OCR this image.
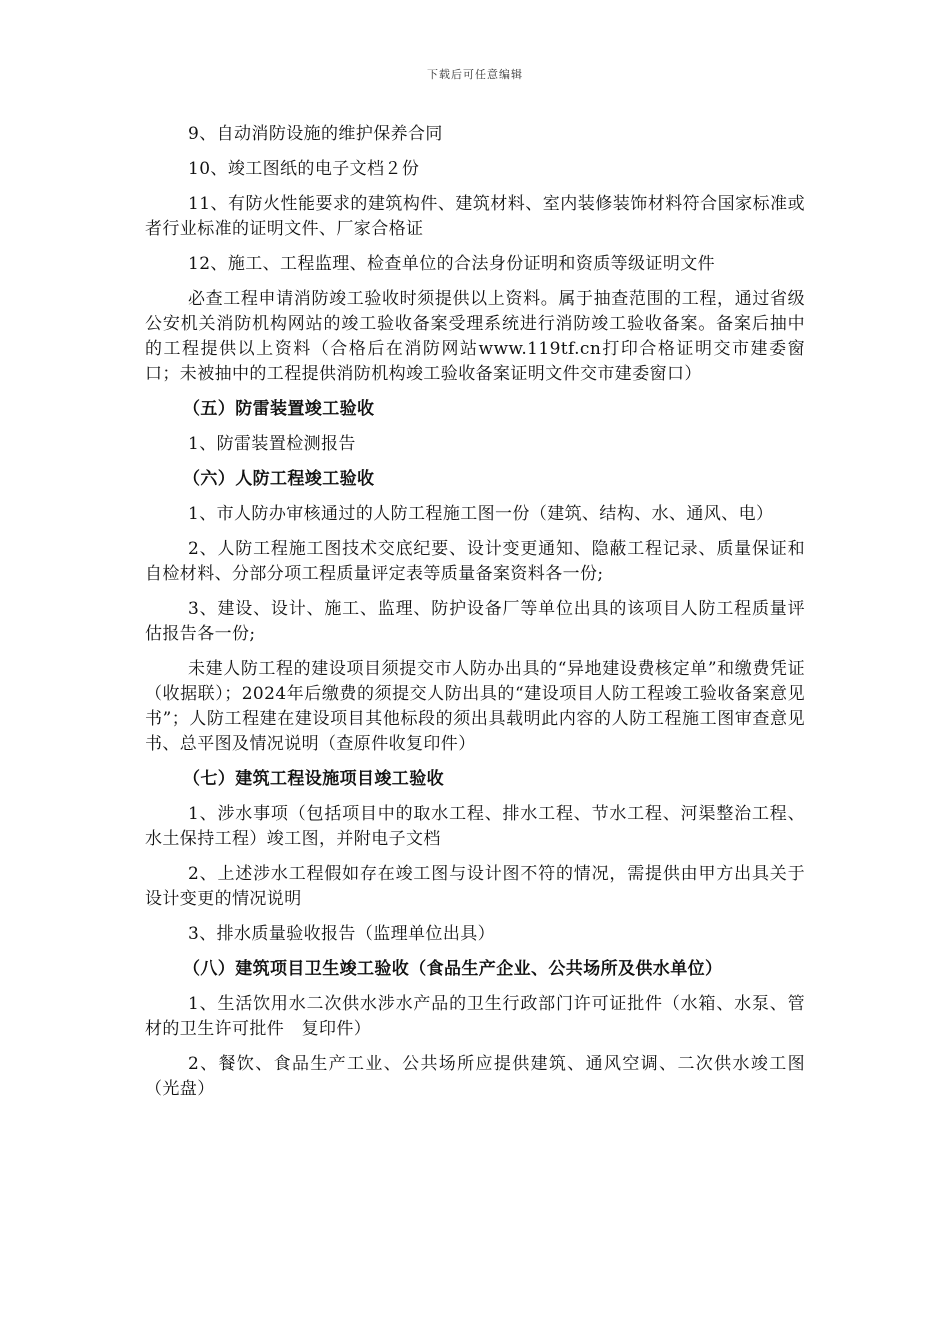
下载后可任意编辑

9、自动消防设施的维护保养合同

10、竣工图纸的电子文档２份

11、有防火性能要求的建筑构件、建筑材料、室内装修装饰材料符合国家标准或者行业标准的证明文件、厂家合格证

12、施工、工程监理、检查单位的合法身份证明和资质等级证明文件

必查工程申请消防竣工验收时须提供以上资料。属于抽查范围的工程，通过省级公安机关消防机构网站的竣工验收备案受理系统进行消防竣工验收备案。备案后抽中的工程提供以上资料（合格后在消防网站www.119tf.cn打印合格证明交市建委窗口；未被抽中的工程提供消防机构竣工验收备案证明文件交市建委窗口）

（五）防雷装置竣工验收

1、防雷装置检测报告

（六）人防工程竣工验收

1、市人防办审核通过的人防工程施工图一份（建筑、结构、水、通风、电）

2、人防工程施工图技术交底纪要、设计变更通知、隐蔽工程记录、质量保证和自检材料、分部分项工程质量评定表等质量备案资料各一份;

3、建设、设计、施工、监理、防护设备厂等单位出具的该项目人防工程质量评估报告各一份;

未建人防工程的建设项目须提交市人防办出具的“异地建设费核定单”和缴费凭证（收据联）；2024年后缴费的须提交人防出具的“建设项目人防工程竣工验收备案意见书”；人防工程建在建设项目其他标段的须出具载明此内容的人防工程施工图审查意见书、总平图及情况说明（查原件收复印件）

（七）建筑工程设施项目竣工验收

1、涉水事项（包括项目中的取水工程、排水工程、节水工程、河渠整治工程、水土保持工程）竣工图，并附电子文档

2、上述涉水工程假如存在竣工图与设计图不符的情况，需提供由甲方出具关于设计变更的情况说明

3、排水质量验收报告（监理单位出具）

（八）建筑项目卫生竣工验收（食品生产企业、公共场所及供水单位）

1、生活饮用水二次供水涉水产品的卫生行政部门许可证批件（水箱、水泵、管材的卫生许可批件　复印件）

2、餐饮、食品生产工业、公共场所应提供建筑、通风空调、二次供水竣工图（光盘）
